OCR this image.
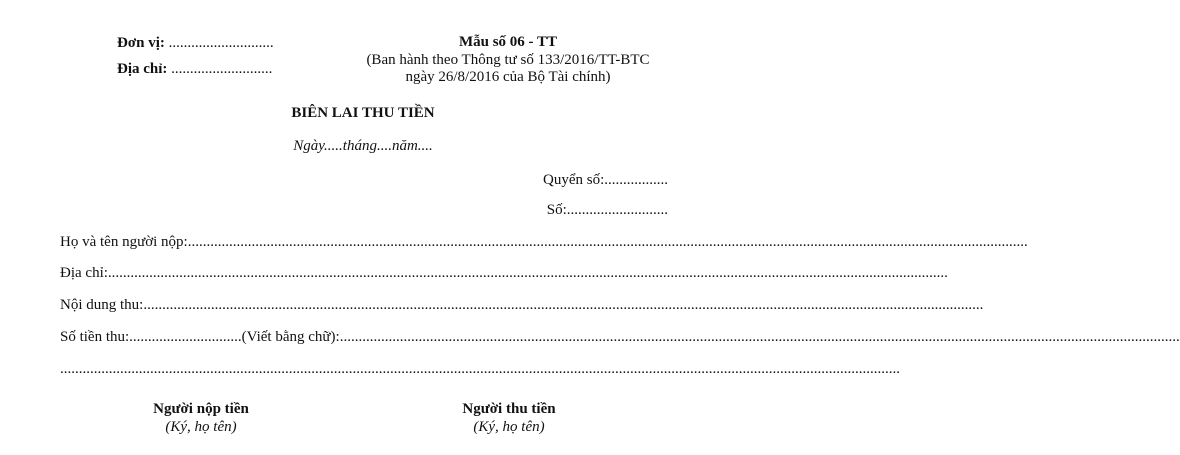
Đơn vị: ............................
Địa chỉ: ...........................
Mẫu số 06 - TT
(Ban hành theo Thông tư số 133/2016/TT-BTC
ngày 26/8/2016 của Bộ Tài chính)
BIÊN LAI THU TIỀN
Ngày.....tháng....năm....
Quyển số:.................
Số:...........................
Họ và tên người nộp: ................................................................................................................................................................................................................................
Địa chỉ: ................................................................................................................................................................................................................................
Nội dung thu: ................................................................................................................................................................................................................................
Số tiền thu: .............................. (Viết bằng chữ): ................................................................................................................................................................................................................................
................................................................................................................................................................................................................................
Người nộp tiền
(Ký, họ tên)
Người thu tiền
(Ký, họ tên)
